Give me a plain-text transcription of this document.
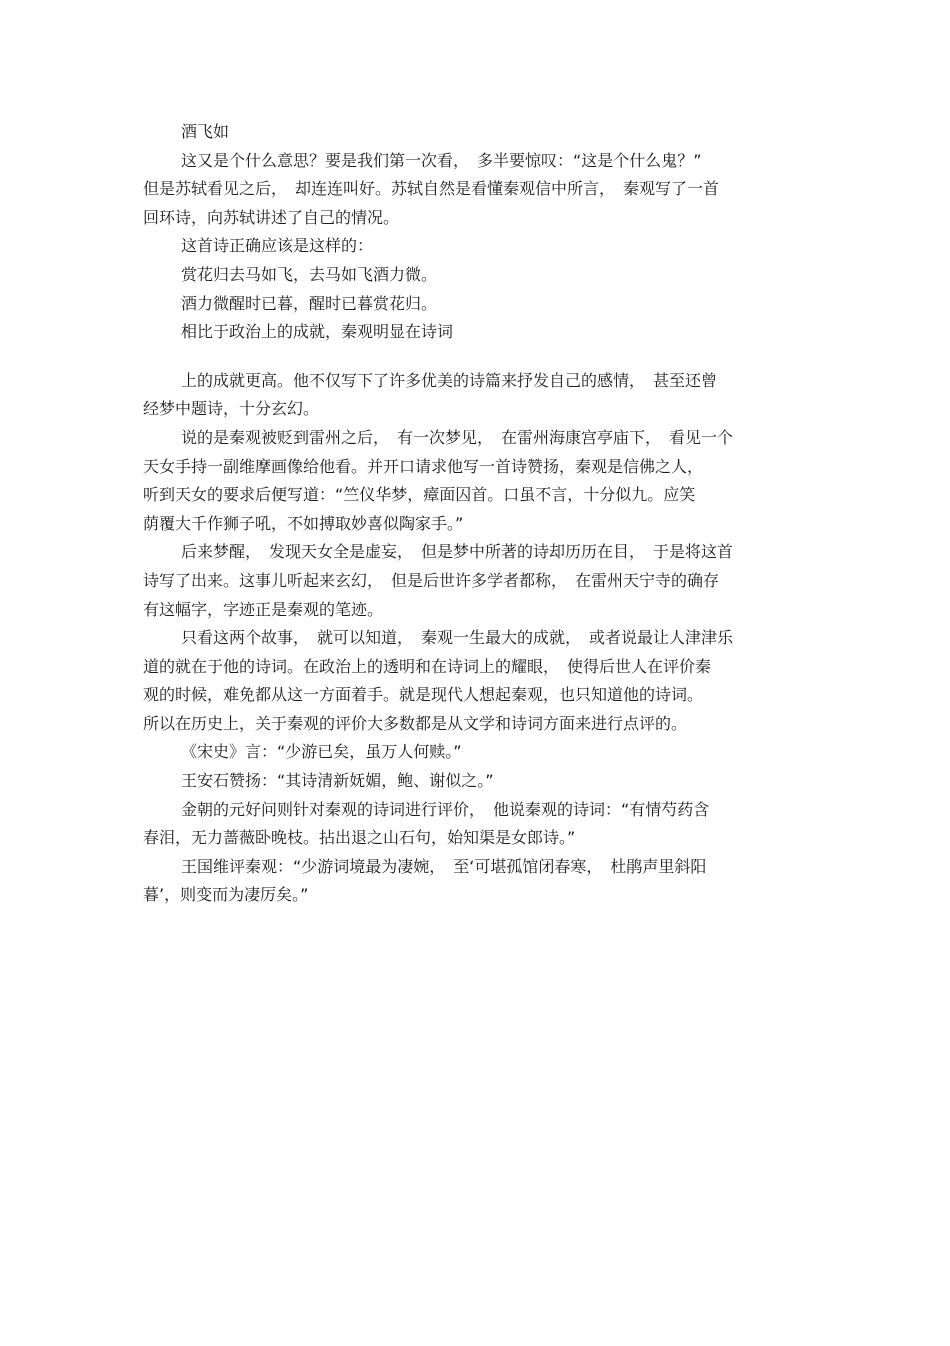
酒飞如
这又是个什么意思？要是我们第一次看，　多半要惊叹：“这是个什么鬼？”
但是苏轼看见之后，　却连连叫好。苏轼自然是看懂秦观信中所言，　秦观写了一首
回环诗，向苏轼讲述了自己的情况。
这首诗正确应该是这样的：
赏花归去马如飞，去马如飞酒力微。
酒力微醒时已暮，醒时已暮赏花归。
相比于政治上的成就，秦观明显在诗词
上的成就更高。他不仅写下了许多优美的诗篇来抒发自己的感情，　甚至还曾
经梦中题诗，十分玄幻。
说的是秦观被贬到雷州之后，　有一次梦见，　在雷州海康宫亭庙下，　看见一个
天女手持一副维摩画像给他看。并开口请求他写一首诗赞扬，秦观是信佛之人，
听到天女的要求后便写道：“竺仪华梦，瘴面囚首。口虽不言，十分似九。应笑
荫覆大千作狮子吼，不如搏取妙喜似陶家手。”
后来梦醒，　发现天女全是虚妄，　但是梦中所著的诗却历历在目，　于是将这首
诗写了出来。这事儿听起来玄幻，　但是后世许多学者都称，　在雷州天宁寺的确存
有这幅字，字迹正是秦观的笔迹。
只看这两个故事，　就可以知道，　秦观一生最大的成就，　或者说最让人津津乐
道的就在于他的诗词。在政治上的透明和在诗词上的耀眼，　使得后世人在评价秦
观的时候，难免都从这一方面着手。就是现代人想起秦观，也只知道他的诗词。
所以在历史上，关于秦观的评价大多数都是从文学和诗词方面来进行点评的。
《宋史》言：“少游已矣，虽万人何赎。”
王安石赞扬：“其诗清新妩媚，鲍、谢似之。”
金朝的元好问则针对秦观的诗词进行评价，　他说秦观的诗词：“有情芍药含
春泪，无力蔷薇卧晚枝。拈出退之山石句，始知渠是女郎诗。”
王国维评秦观：“少游词境最为凄婉，　至‘可堪孤馆闭春寒，　杜鹃声里斜阳
暮’，则变而为凄厉矣。”
